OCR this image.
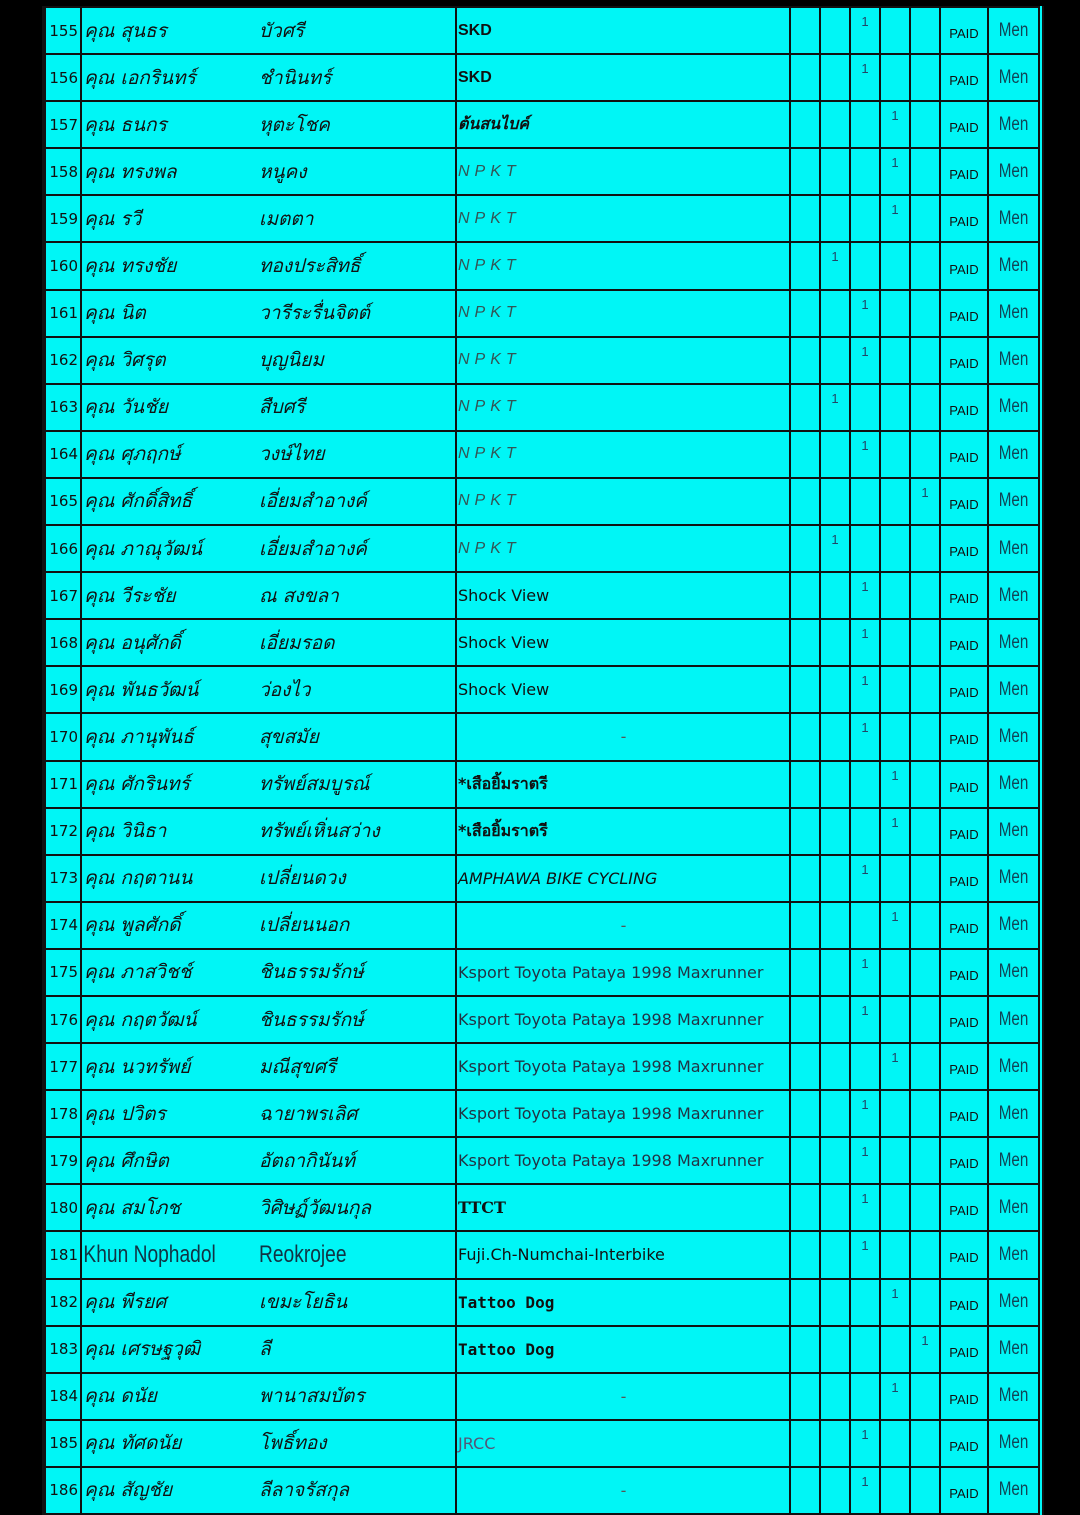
155	คุณ สุนธร	บัวศรี	SKD			1			PAID	Men
156	คุณ เอกรินทร์	ชำนินทร์	SKD			1			PAID	Men
157	คุณ ธนกร	หุตะโชค	ต้นสนไบค์				1		PAID	Men
158	คุณ ทรงพล	หนูคง	NPKT				1		PAID	Men
159	คุณ รวี	เมตตา	NPKT				1		PAID	Men
160	คุณ ทรงชัย	ทองประสิทธิ์	NPKT		1				PAID	Men
161	คุณ นิต	วารีระรื่นจิตต์	NPKT			1			PAID	Men
162	คุณ วิศรุต	บุญนิยม	NPKT			1			PAID	Men
163	คุณ วันชัย	สืบศรี	NPKT		1				PAID	Men
164	คุณ ศุภฤกษ์	วงษ์ไทย	NPKT			1			PAID	Men
165	คุณ ศักดิ์สิทธิ์	เอี่ยมสำอางค์	NPKT					1	PAID	Men
166	คุณ ภาณุวัฒน์	เอี่ยมสำอางค์	NPKT		1				PAID	Men
167	คุณ วีระชัย	ณ สงขลา	Shock View			1			PAID	Men
168	คุณ อนุศักดิ์	เอี่ยมรอด	Shock View			1			PAID	Men
169	คุณ พันธวัฒน์	ว่องไว	Shock View			1			PAID	Men
170	คุณ ภานุพันธ์	สุขสมัย	-			1			PAID	Men
171	คุณ ศักรินทร์	ทรัพย์สมบูรณ์	*เสือยิ้มราตรี				1		PAID	Men
172	คุณ วินิธา	ทรัพย์เหิ่นสว่าง	*เสือยิ้มราตรี				1		PAID	Men
173	คุณ กฤตานน	เปลี่ยนดวง	AMPHAWA BIKE CYCLING			1			PAID	Men
174	คุณ พูลศักดิ์	เปลี่ยนนอก	-				1		PAID	Men
175	คุณ ภาสวิชช์	ชินธรรมรักษ์	Ksport Toyota Pataya 1998 Maxrunner			1			PAID	Men
176	คุณ กฤตวัฒน์	ชินธรรมรักษ์	Ksport Toyota Pataya 1998 Maxrunner			1			PAID	Men
177	คุณ นวทรัพย์	มณีสุขศรี	Ksport Toyota Pataya 1998 Maxrunner				1		PAID	Men
178	คุณ ปวิตร	ฉายาพรเลิศ	Ksport Toyota Pataya 1998 Maxrunner			1			PAID	Men
179	คุณ ศึกษิต	อัตถากินันท์	Ksport Toyota Pataya 1998 Maxrunner			1			PAID	Men
180	คุณ สมโภช	วิศิษฏ์วัฒนกุล	TTCT			1			PAID	Men
181	Khun Nophadol	Reokrojee	Fuji.Ch-Numchai-Interbike			1			PAID	Men
182	คุณ พีรยศ	เขมะโยธิน	Tattoo Dog				1		PAID	Men
183	คุณ เศรษฐวุฒิ	ลี	Tattoo Dog					1	PAID	Men
184	คุณ ดนัย	พานาสมบัตร	-				1		PAID	Men
185	คุณ ทัศดนัย	โพธิ์ทอง	JRCC			1			PAID	Men
186	คุณ สัญชัย	ลีลาจรัสกุล	-			1			PAID	Men
